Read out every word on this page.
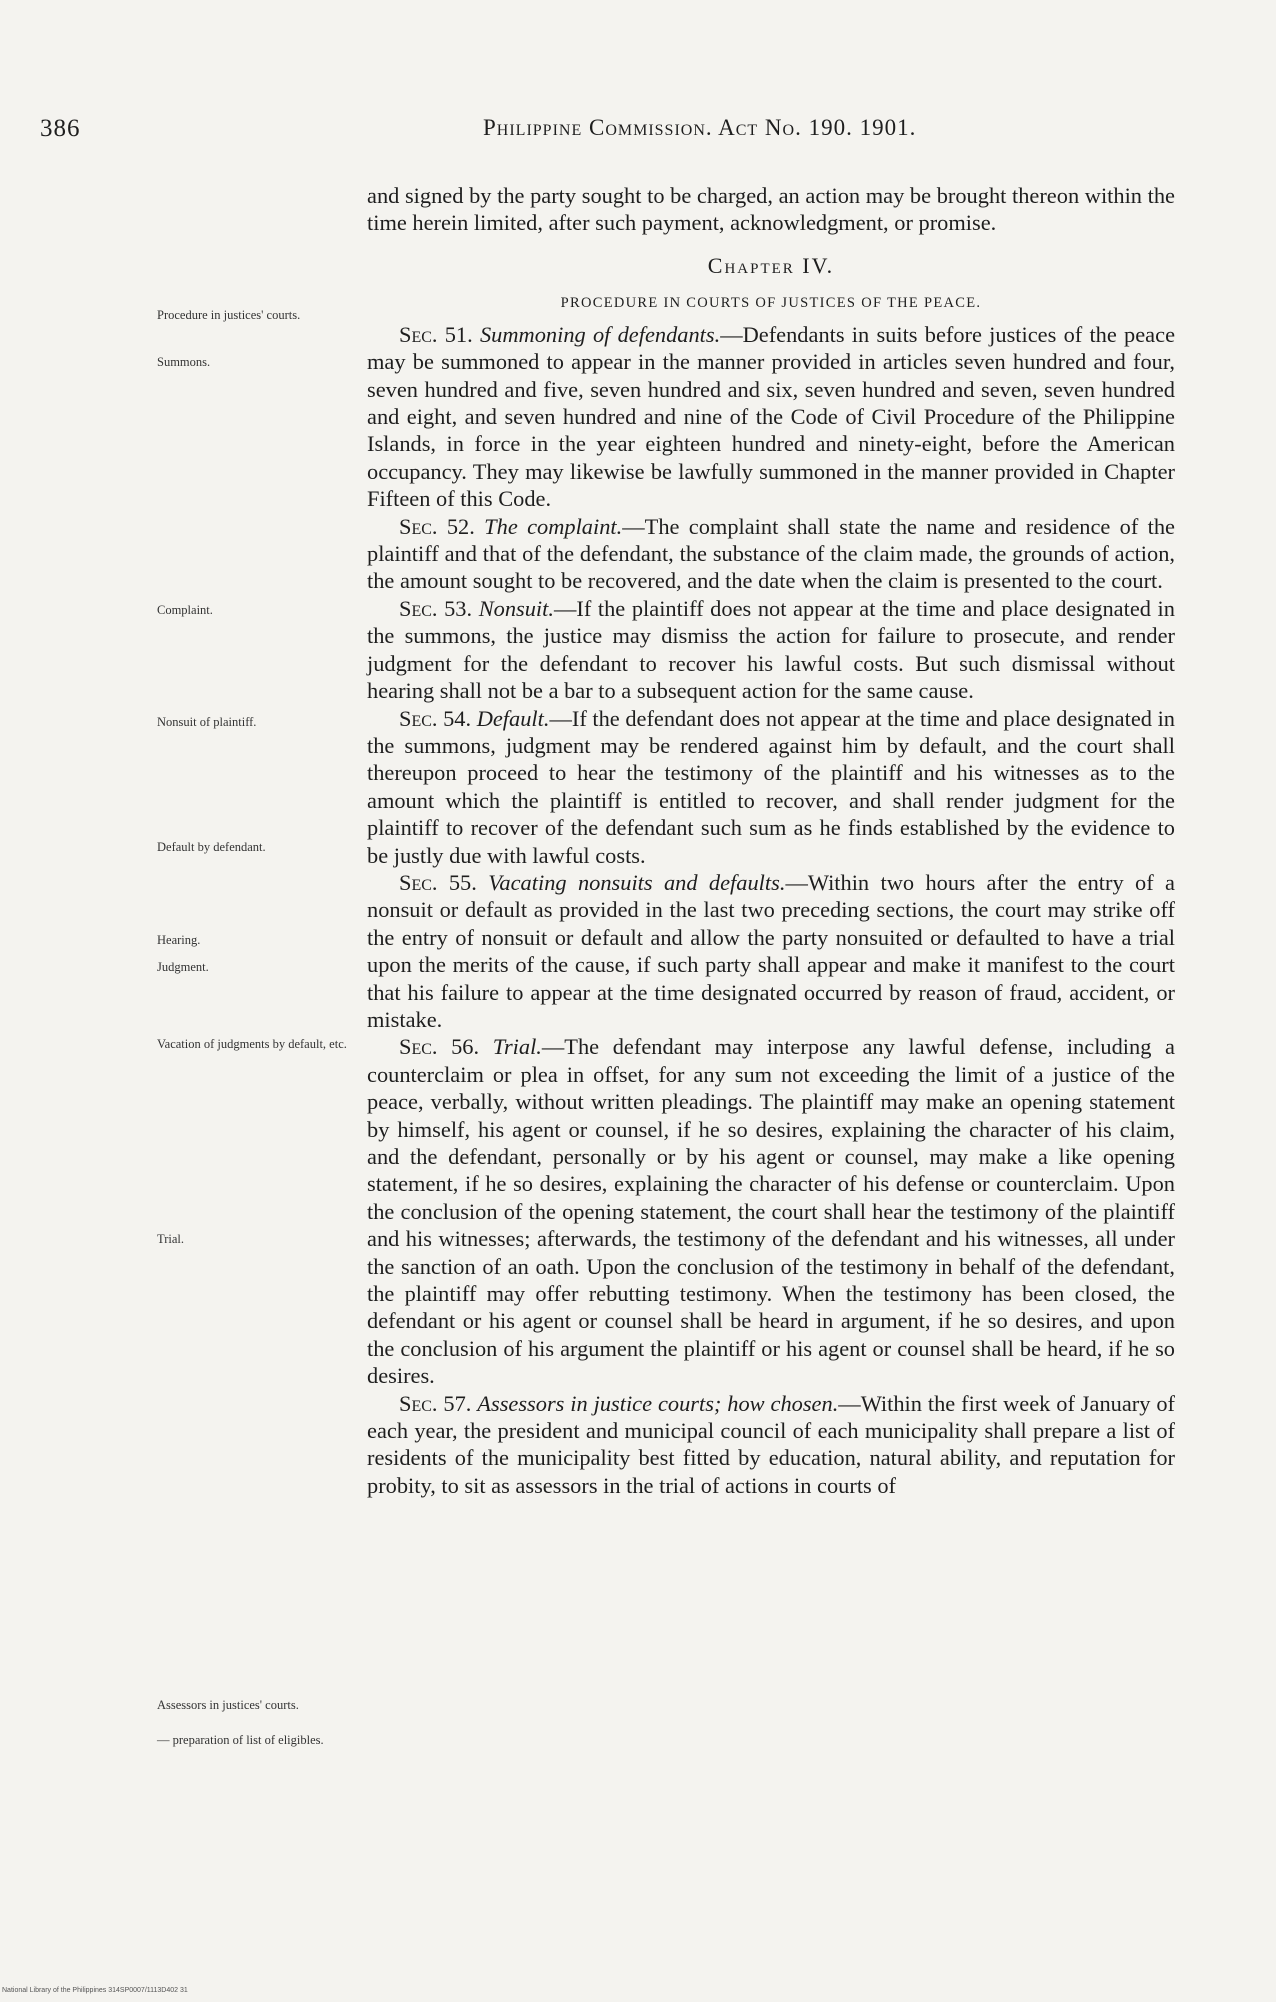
386	Philippine Commission. Act No. 190. 1901.
Procedure in justices' courts.
Summons.
Complaint.
Nonsuit of plaintiff.
Default by defendant.
Hearing.
Judgment.
Vacation of judgments by default, etc.
Trial.
Assessors in justices' courts.
— preparation of list of eligibles.

and signed by the party sought to be charged, an action may be brought thereon within the time herein limited, after such payment, acknowledgment, or promise.

Chapter IV.

PROCEDURE IN COURTS OF JUSTICES OF THE PEACE.

Sec. 51. Summoning of defendants.—Defendants in suits before justices of the peace may be summoned to appear in the manner provided in articles seven hundred and four, seven hundred and five, seven hundred and six, seven hundred and seven, seven hundred and eight, and seven hundred and nine of the Code of Civil Procedure of the Philippine Islands, in force in the year eighteen hundred and ninety-eight, before the American occupancy. They may likewise be lawfully summoned in the manner provided in Chapter Fifteen of this Code.

Sec. 52. The complaint.—The complaint shall state the name and residence of the plaintiff and that of the defendant, the substance of the claim made, the grounds of action, the amount sought to be recovered, and the date when the claim is presented to the court.

Sec. 53. Nonsuit.—If the plaintiff does not appear at the time and place designated in the summons, the justice may dismiss the action for failure to prosecute, and render judgment for the defendant to recover his lawful costs. But such dismissal without hearing shall not be a bar to a subsequent action for the same cause.

Sec. 54. Default.—If the defendant does not appear at the time and place designated in the summons, judgment may be rendered against him by default, and the court shall thereupon proceed to hear the testimony of the plaintiff and his witnesses as to the amount which the plaintiff is entitled to recover, and shall render judgment for the plaintiff to recover of the defendant such sum as he finds established by the evidence to be justly due with lawful costs.

Sec. 55. Vacating nonsuits and defaults.—Within two hours after the entry of a nonsuit or default as provided in the last two preceding sections, the court may strike off the entry of nonsuit or default and allow the party nonsuited or defaulted to have a trial upon the merits of the cause, if such party shall appear and make it manifest to the court that his failure to appear at the time designated occurred by reason of fraud, accident, or mistake.

Sec. 56. Trial.—The defendant may interpose any lawful defense, including a counterclaim or plea in offset, for any sum not exceeding the limit of a justice of the peace, verbally, without written pleadings. The plaintiff may make an opening statement by himself, his agent or counsel, if he so desires, explaining the character of his claim, and the defendant, personally or by his agent or counsel, may make a like opening statement, if he so desires, explaining the character of his defense or counterclaim. Upon the conclusion of the opening statement, the court shall hear the testimony of the plaintiff and his witnesses; afterwards, the testimony of the defendant and his witnesses, all under the sanction of an oath. Upon the conclusion of the testimony in behalf of the defendant, the plaintiff may offer rebutting testimony. When the testimony has been closed, the defendant or his agent or counsel shall be heard in argument, if he so desires, and upon the conclusion of his argument the plaintiff or his agent or counsel shall be heard, if he so desires.

Sec. 57. Assessors in justice courts; how chosen.—Within the first week of January of each year, the president and municipal council of each municipality shall prepare a list of residents of the municipality best fitted by education, natural ability, and reputation for probity, to sit as assessors in the trial of actions in courts of

National Library of the Philippines 314SP0007/1113D402 31
